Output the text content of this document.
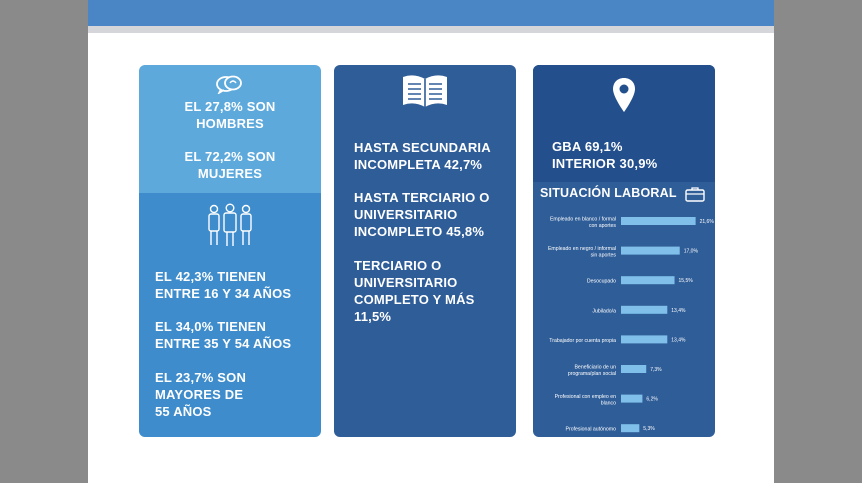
EL 27,8% SON
HOMBRES
EL 72,2% SON
MUJERES
EL 42,3% TIENEN
ENTRE 16 Y 34 AÑOS
EL 34,0% TIENEN
ENTRE 35 Y 54 AÑOS
EL 23,7% SON
MAYORES DE
55 AÑOS
HASTA SECUNDARIA
INCOMPLETA 42,7%
HASTA TERCIARIO O
UNIVERSITARIO
INCOMPLETO 45,8%
TERCIARIO O
UNIVERSITARIO
COMPLETO Y MÁS
11,5%
GBA 69,1%
INTERIOR 30,9%
SITUACIÓN LABORAL
Empleado en blanco / formal
con aportes
21,6%
Empleado en negro / informal
sin aportes
17,0%
Desocupado	15,5%
Jubilado/a	13,4%
Trabajador por cuenta propia	13,4%
Beneficiario de un
programa/plan social
7,3%
Profesional con empleo en
blanco
6,2%
Profesional autónomo	5,3%
